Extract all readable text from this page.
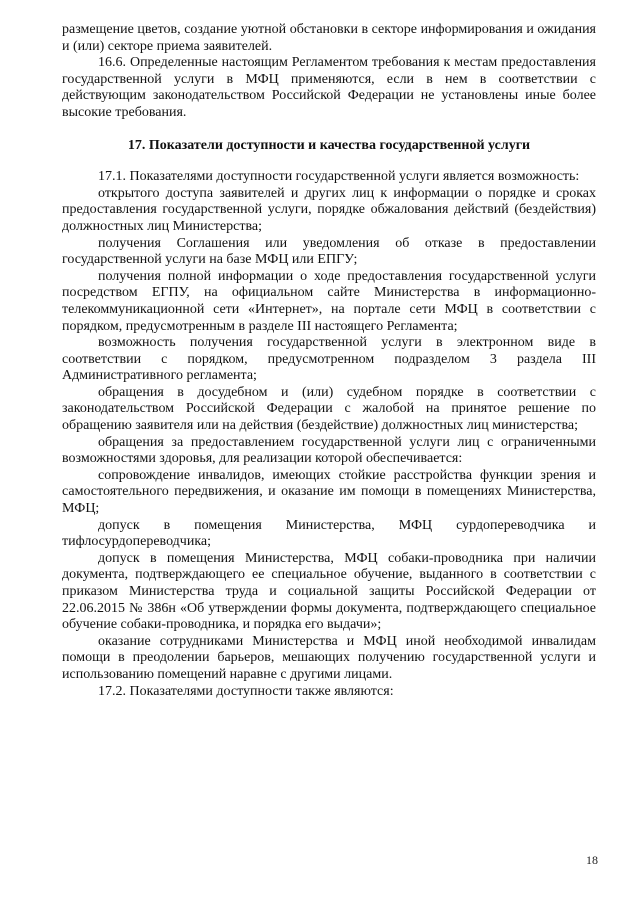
размещение цветов, создание уютной обстановки в секторе информирования и ожидания и (или) секторе приема заявителей.

16.6. Определенные настоящим Регламентом требования к местам предоставления государственной услуги в МФЦ применяются, если в нем в соответствии с действующим законодательством Российской Федерации не установлены иные более высокие требования.

17. Показатели доступности и качества государственной услуги

17.1. Показателями доступности государственной услуги является возможность:

открытого доступа заявителей и других лиц к информации о порядке и сроках предоставления государственной услуги, порядке обжалования действий (бездействия) должностных лиц Министерства;

получения Соглашения или уведомления об отказе в предоставлении государственной услуги на базе МФЦ или ЕПГУ;

получения полной информации о ходе предоставления государственной услуги посредством ЕГПУ, на официальном сайте Министерства в информационно-телекоммуникационной сети «Интернет», на портале сети МФЦ в соответствии с порядком, предусмотренным в разделе III настоящего Регламента;

возможность получения государственной услуги в электронном виде в соответствии с порядком, предусмотренном подразделом 3 раздела III Административного регламента;

обращения в досудебном и (или) судебном порядке в соответствии с законодательством Российской Федерации с жалобой на принятое решение по обращению заявителя или на действия (бездействие) должностных лиц министерства;

обращения за предоставлением государственной услуги лиц с ограниченными возможностями здоровья, для реализации которой обеспечивается:

сопровождение инвалидов, имеющих стойкие расстройства функции зрения и самостоятельного передвижения, и оказание им помощи в помещениях Министерства, МФЦ;

допуск в помещения Министерства, МФЦ сурдопереводчика и тифлосурдопереводчика;

допуск в помещения Министерства, МФЦ собаки-проводника при наличии документа, подтверждающего ее специальное обучение, выданного в соответствии с приказом Министерства труда и социальной защиты Российской Федерации от 22.06.2015 № 386н «Об утверждении формы документа, подтверждающего специальное обучение собаки-проводника, и порядка его выдачи»;

оказание сотрудниками Министерства и МФЦ иной необходимой инвалидам помощи в преодолении барьеров, мешающих получению государственной услуги и использованию помещений наравне с другими лицами.

17.2. Показателями доступности также являются:

18
